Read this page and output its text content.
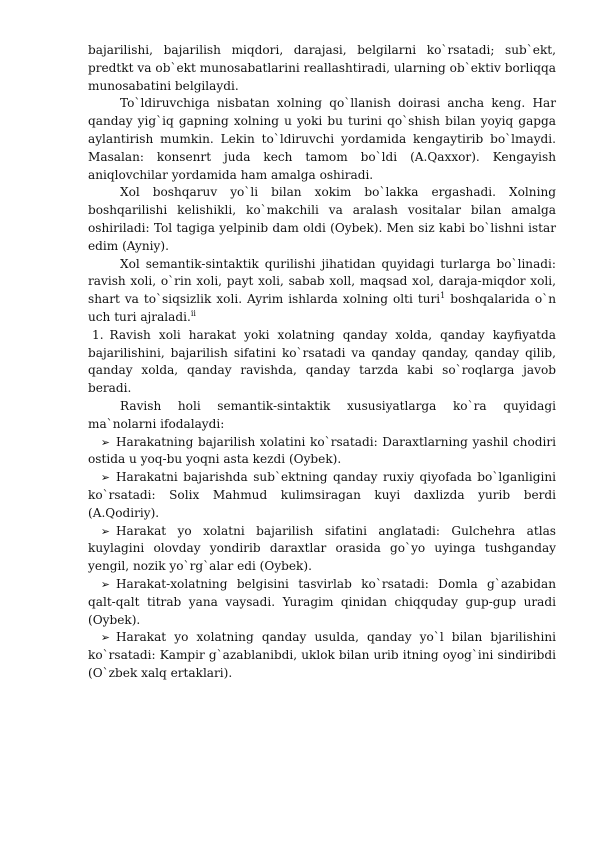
bajarilishi, bajarilish miqdori, darajasi, belgilarni ko`rsatadi; sub`ekt, predtkt va ob`ekt munosabatlarini reallashtiradi, ularning ob`ektiv borliqqa munosabatini belgilaydi.

To`ldiruvchiga nisbatan xolning qo`llanish doirasi ancha keng. Har qanday yig`iq gapning xolning u yoki bu turini qo`shish bilan yoyiq gapga aylantirish mumkin. Lekin to`ldiruvchi yordamida kengaytirib bo`lmaydi. Masalan: konsenrt juda kech tamom bo`ldi (A.Qaxxor). Kengayish aniqlovchilar yordamida ham amalga oshiradi.

Xol boshqaruv yo`li bilan xokim bo`lakka ergashadi. Xolning boshqarilishi kelishikli, ko`makchili va aralash vositalar bilan amalga oshiriladi: Tol tagiga yelpinib dam oldi (Oybek). Men siz kabi bo`lishni istar edim (Ayniy).

Xol semantik-sintaktik qurilishi jihatidan quyidagi turlarga bo`linadi: ravish xoli, o`rin xoli, payt xoli, sabab xoll, maqsad xol, daraja-miqdor xoli, shart va to`siqsizlik xoli. Ayrim ishlarda xolning olti turi$^1$ boshqalarida o`n uch turi ajraladi.$^{ii}$

1. Ravish xoli harakat yoki xolatning qanday xolda, qanday kayfiyatda bajarilishini, bajarilish sifatini ko`rsatadi va qanday qanday, qanday qilib, qanday xolda, qanday ravishda, qanday tarzda kabi so`roqlarga javob beradi.

Ravish holi semantik-sintaktik xususiyatlarga ko`ra quyidagi ma`nolarni ifodalaydi:

➢ Harakatning bajarilish xolatini ko`rsatadi: Daraxtlarning yashil chodiri ostida u yoq-bu yoqni asta kezdi (Oybek).

➢ Harakatni bajarishda sub`ektning qanday ruxiy qiyofada bo`lganligini ko`rsatadi: Solix Mahmud kulimsiragan kuyi daxlizda yurib berdi (A.Qodiriy).

➢ Harakat yo xolatni bajarilish sifatini anglatadi: Gulchehra atlas kuylagini olovday yondirib daraxtlar orasida go`yo uyinga tushganday yengil, nozik yo`rg`alar edi (Oybek).

➢ Harakat-xolatning belgisini tasvirlab ko`rsatadi: Domla g`azabidan qalt-qalt titrab yana vaysadi. Yuragim qinidan chiqquday gup-gup uradi (Oybek).

➢ Harakat yo xolatning qanday usulda, qanday yo`l bilan bjarilishini ko`rsatadi: Kampir g`azablanibdi, uklok bilan urib itning oyog`ini sindiribdi (O`zbek xalq ertaklari).
